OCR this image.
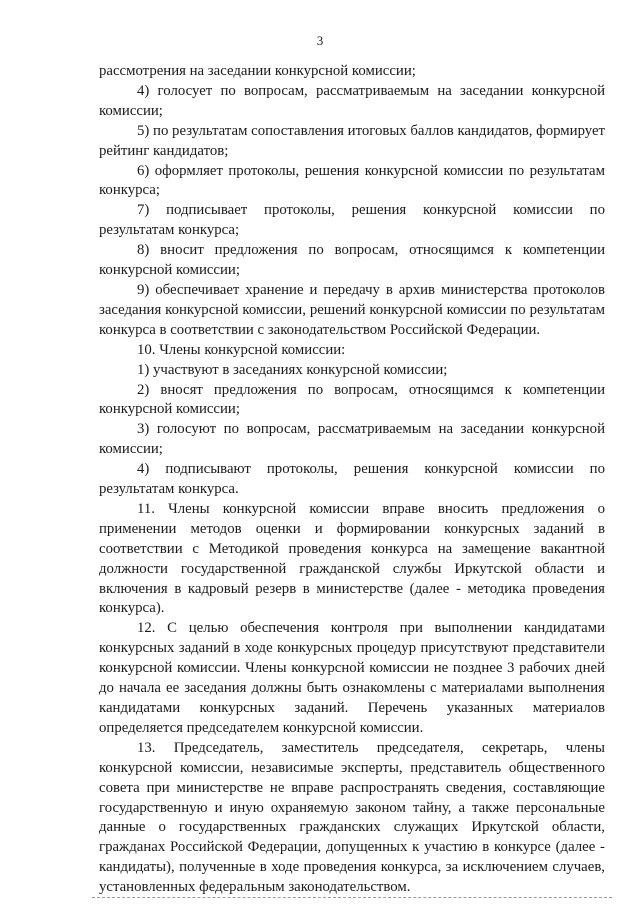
3

рассмотрения на заседании конкурсной комиссии;

4) голосует по вопросам, рассматриваемым на заседании конкурсной комиссии;

5) по результатам сопоставления итоговых баллов кандидатов, формирует рейтинг кандидатов;

6) оформляет протоколы, решения конкурсной комиссии по результатам конкурса;

7) подписывает протоколы, решения конкурсной комиссии по результатам конкурса;

8) вносит предложения по вопросам, относящимся к компетенции конкурсной комиссии;

9) обеспечивает хранение и передачу в архив министерства протоколов заседания конкурсной комиссии, решений конкурсной комиссии по результатам конкурса в соответствии с законодательством Российской Федерации.

10. Члены конкурсной комиссии:

1) участвуют в заседаниях конкурсной комиссии;

2) вносят предложения по вопросам, относящимся к компетенции конкурсной комиссии;

3) голосуют по вопросам, рассматриваемым на заседании конкурсной комиссии;

4) подписывают протоколы, решения конкурсной комиссии по результатам конкурса.

11. Члены конкурсной комиссии вправе вносить предложения о применении методов оценки и формировании конкурсных заданий в соответствии с Методикой проведения конкурса на замещение вакантной должности государственной гражданской службы Иркутской области и включения в кадровый резерв в министерстве (далее - методика проведения конкурса).

12. С целью обеспечения контроля при выполнении кандидатами конкурсных заданий в ходе конкурсных процедур присутствуют представители конкурсной комиссии. Члены конкурсной комиссии не позднее 3 рабочих дней до начала ее заседания должны быть ознакомлены с материалами выполнения кандидатами конкурсных заданий. Перечень указанных материалов определяется председателем конкурсной комиссии.

13. Председатель, заместитель председателя, секретарь, члены конкурсной комиссии, независимые эксперты, представитель общественного совета при министерстве не вправе распространять сведения, составляющие государственную и иную охраняемую законом тайну, а также персональные данные о государственных гражданских служащих Иркутской области, гражданах Российской Федерации, допущенных к участию в конкурсе (далее - кандидаты), полученные в ходе проведения конкурса, за исключением случаев, установленных федеральным законодательством.
